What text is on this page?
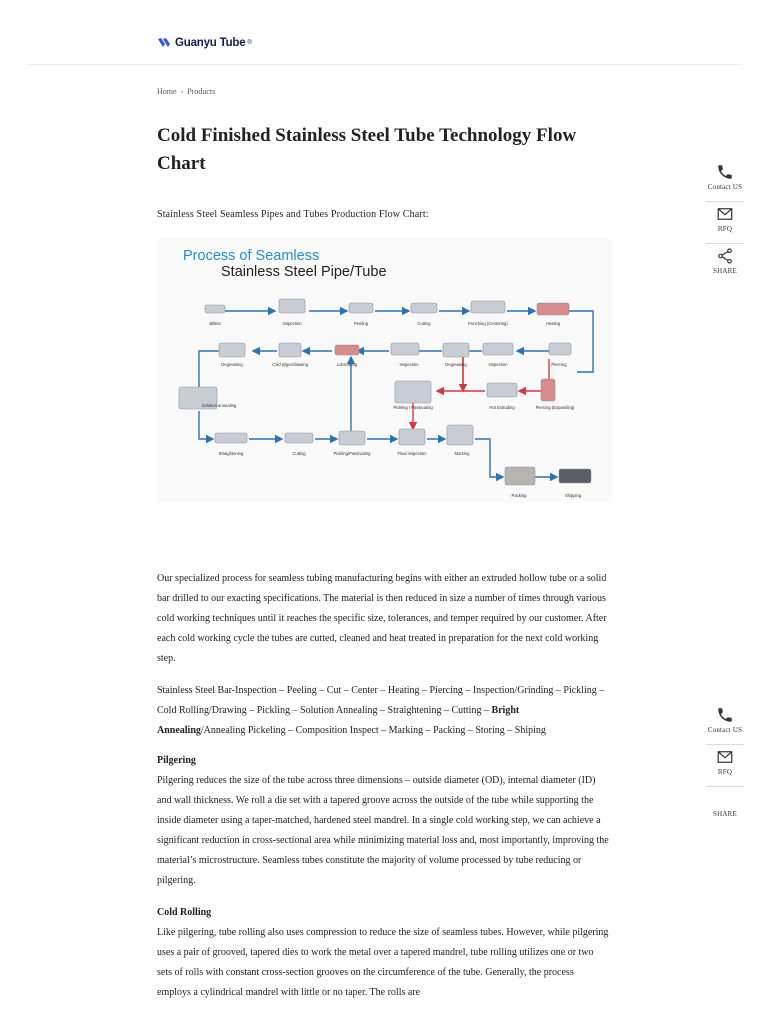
Guanyu Tube ®
Home › Products
Cold Finished Stainless Steel Tube Technology Flow Chart

Stainless Steel Seamless Pipes and Tubes Production Flow Chart:

Process of Seamless
Stainless Steel Pipe/Tube
Billets	Inspection	Peeling	Cutting	Punching (Centering)	Heating
Piercing
Inspection
Degreasing
Inspection
Lubricating
Cold pilger/drawing
Degreasing
Solution annealing	Pickling / Passivating	Hot Extruding	Piercing (Expanding)
Straightening	Cutting	Pickling/Passivating	Final inspection	Marking
Packing	Shipping

Our specialized process for seamless tubing manufacturing begins with either an extruded hollow tube or a solid bar drilled to our exacting specifications. The material is then reduced in size a number of times through various cold working techniques until it reaches the specific size, tolerances, and temper required by our customer. After each cold working cycle the tubes are cutted, cleaned and heat treated in preparation for the next cold working step.

Stainless Steel Bar-Inspection – Peeling – Cut – Center – Heating – Piercing – Inspection/Grinding – Pickling – Cold Rolling/Drawing – Pickling – Solution Annealing – Straightening – Cutting – Bright Annealing/Annealing Pickeling – Composition Inspect – Marking – Packing – Storing – Shiping

Pilgering

Pilgering reduces the size of the tube across three dimensions – outside diameter (OD), internal diameter (ID) and wall thickness. We roll a die set with a tapered groove across the outside of the tube while supporting the inside diameter using a taper-matched, hardened steel mandrel. In a single cold working step, we can achieve a significant reduction in cross-sectional area while minimizing material loss and, most importantly, improving the material’s microstructure. Seamless tubes constitute the majority of volume processed by tube reducing or pilgering.

Cold Rolling

Like pilgering, tube rolling also uses compression to reduce the size of seamless tubes. However, while pilgering uses a pair of grooved, tapered dies to work the metal over a tapered mandrel, tube rolling utilizes one or two sets of rolls with constant cross-section grooves on the circumference of the tube. Generally, the process employs a cylindrical mandrel with little or no taper. The rolls are

Contact US
RFQ
SHARE
Contact US
RFQ
SHARE
